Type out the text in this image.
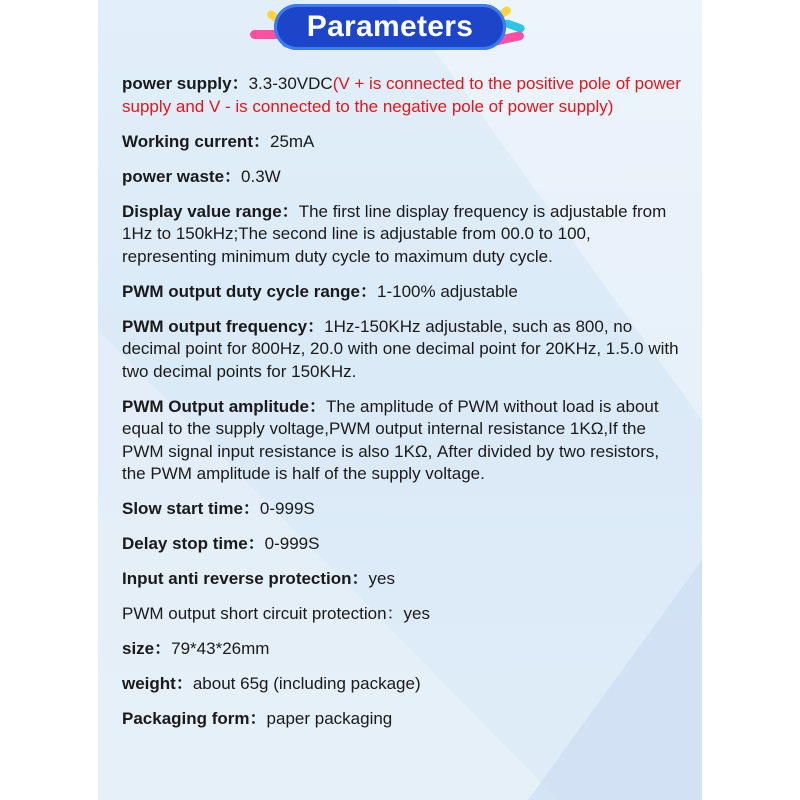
Parameters

power supply：3.3-30VDC(V + is connected to the positive pole of power supply and V - is connected to the negative pole of power supply)

Working current：25mA

power waste：0.3W

Display value range：The first line display frequency is adjustable from 1Hz to 150kHz;The second line is adjustable from 00.0 to 100, representing minimum duty cycle to maximum duty cycle.

PWM output duty cycle range：1-100% adjustable

PWM output frequency：1Hz-150KHz adjustable, such as 800, no decimal point for 800Hz, 20.0 with one decimal point for 20KHz, 1.5.0 with two decimal points for 150KHz.

PWM Output amplitude：The amplitude of PWM without load is about equal to the supply voltage,PWM output internal resistance 1KΩ,If the PWM signal input resistance is also 1KΩ, After divided by two resistors, the PWM amplitude is half of the supply voltage.

Slow start time：0-999S

Delay stop time：0-999S

Input anti reverse protection：yes

PWM output short circuit protection：yes

size：79*43*26mm

weight：about 65g (including package)

Packaging form：paper packaging
